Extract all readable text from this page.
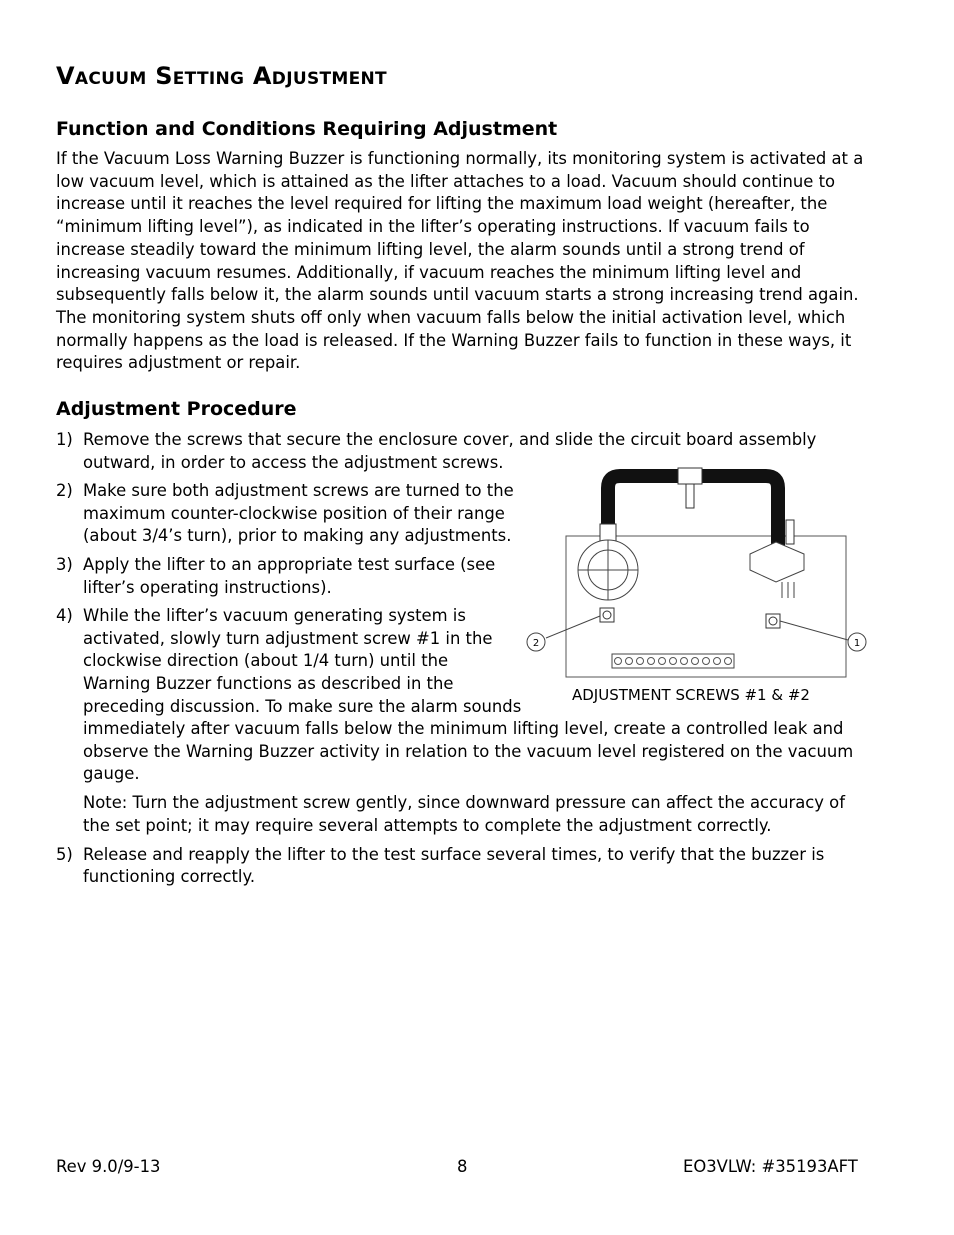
Vacuum Setting Adjustment
Function and Conditions Requiring Adjustment

If the Vacuum Loss Warning Buzzer is functioning normally, its monitoring system is activated at a low vacuum level, which is attained as the lifter attaches to a load. Vacuum should continue to increase until it reaches the level required for lifting the maximum load weight (hereafter, the “minimum lifting level”), as indicated in the lifter’s operating instructions. If vacuum fails to increase steadily toward the minimum lifting level, the alarm sounds until a strong trend of increasing vacuum resumes. Additionally, if vacuum reaches the minimum lifting level and subsequently falls below it, the alarm sounds until vacuum starts a strong increasing trend again. The monitoring system shuts off only when vacuum falls below the initial activation level, which normally happens as the load is released. If the Warning Buzzer fails to function in these ways, it requires adjustment or repair.

Adjustment Procedure
1) Remove the screws that secure the enclosure cover, and slide the circuit board assembly
outward, in order to access the adjustment screws.
2) Make sure both adjustment screws are turned to the
maximum counter-clockwise position of their range
(about 3/4’s turn), prior to making any adjustments.
3) Apply the lifter to an appropriate test surface (see
lifter’s operating instructions).
4) While the lifter’s vacuum generating system is
activated, slowly turn adjustment screw #1 in the
clockwise direction (about 1/4 turn) until the
Warning Buzzer functions as described in the
preceding discussion. To make sure the alarm sounds
immediately after vacuum falls below the minimum lifting level, create a controlled leak and
observe the Warning Buzzer activity in relation to the vacuum level registered on the vacuum
gauge.
Note: Turn the adjustment screw gently, since downward pressure can affect the accuracy of
the set point; it may require several attempts to complete the adjustment correctly.
5) Release and reapply the lifter to the test surface several times, to verify that the buzzer is
functioning correctly.
2	1
ADJUSTMENT SCREWS #1 & #2
Rev 9.0/9-13	8	EO3VLW: #35193AFT
